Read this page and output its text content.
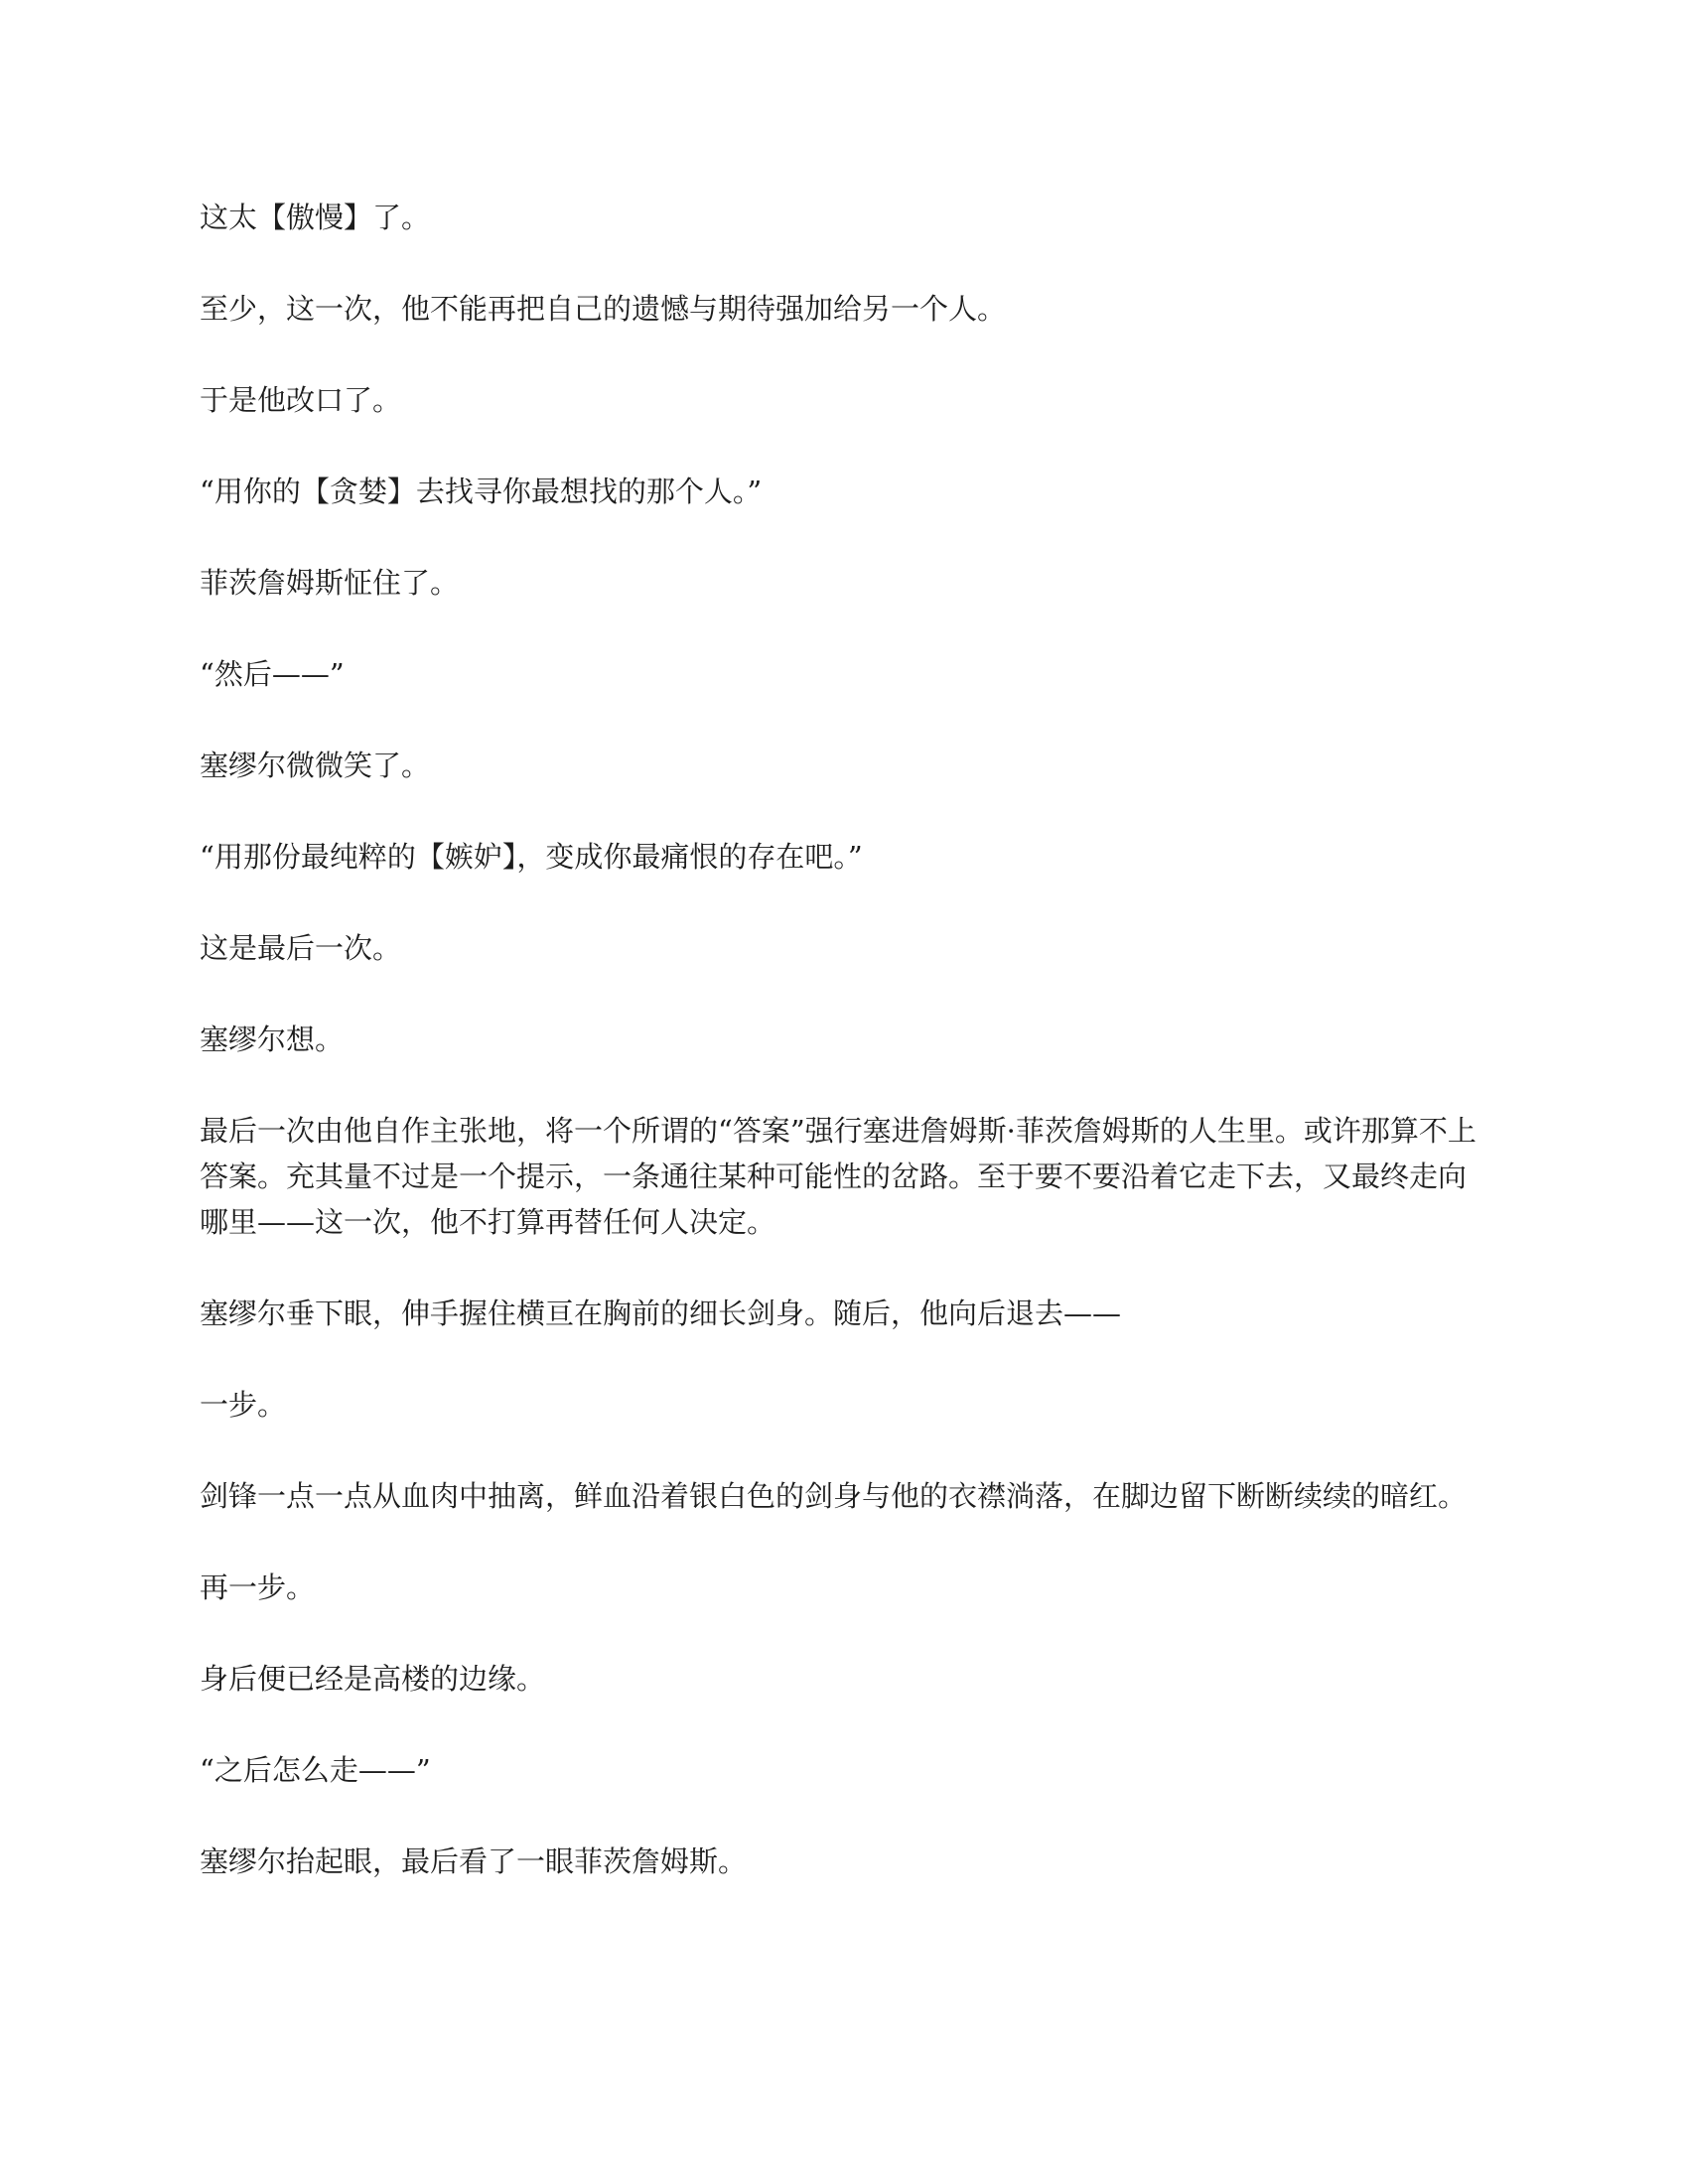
这太【傲慢】了。

至少，这一次，他不能再把自己的遗憾与期待强加给另一个人。

于是他改口了。

“用你的【贪婪】去找寻你最想找的那个人。”

菲茨詹姆斯怔住了。

“然后——”

塞缪尔微微笑了。

“用那份最纯粹的【嫉妒】，变成你最痛恨的存在吧。”

这是最后一次。

塞缪尔想。

最后一次由他自作主张地，将一个所谓的“答案”强行塞进詹姆斯·菲茨詹姆斯的人生里。或许那算不上答案。充其量不过是一个提示，一条通往某种可能性的岔路。至于要不要沿着它走下去，又最终走向哪里——这一次，他不打算再替任何人决定。

塞缪尔垂下眼，伸手握住横亘在胸前的细长剑身。随后，他向后退去——

一步。

剑锋一点一点从血肉中抽离，鲜血沿着银白色的剑身与他的衣襟淌落，在脚边留下断断续续的暗红。

再一步。

身后便已经是高楼的边缘。

“之后怎么走——”

塞缪尔抬起眼，最后看了一眼菲茨詹姆斯。
